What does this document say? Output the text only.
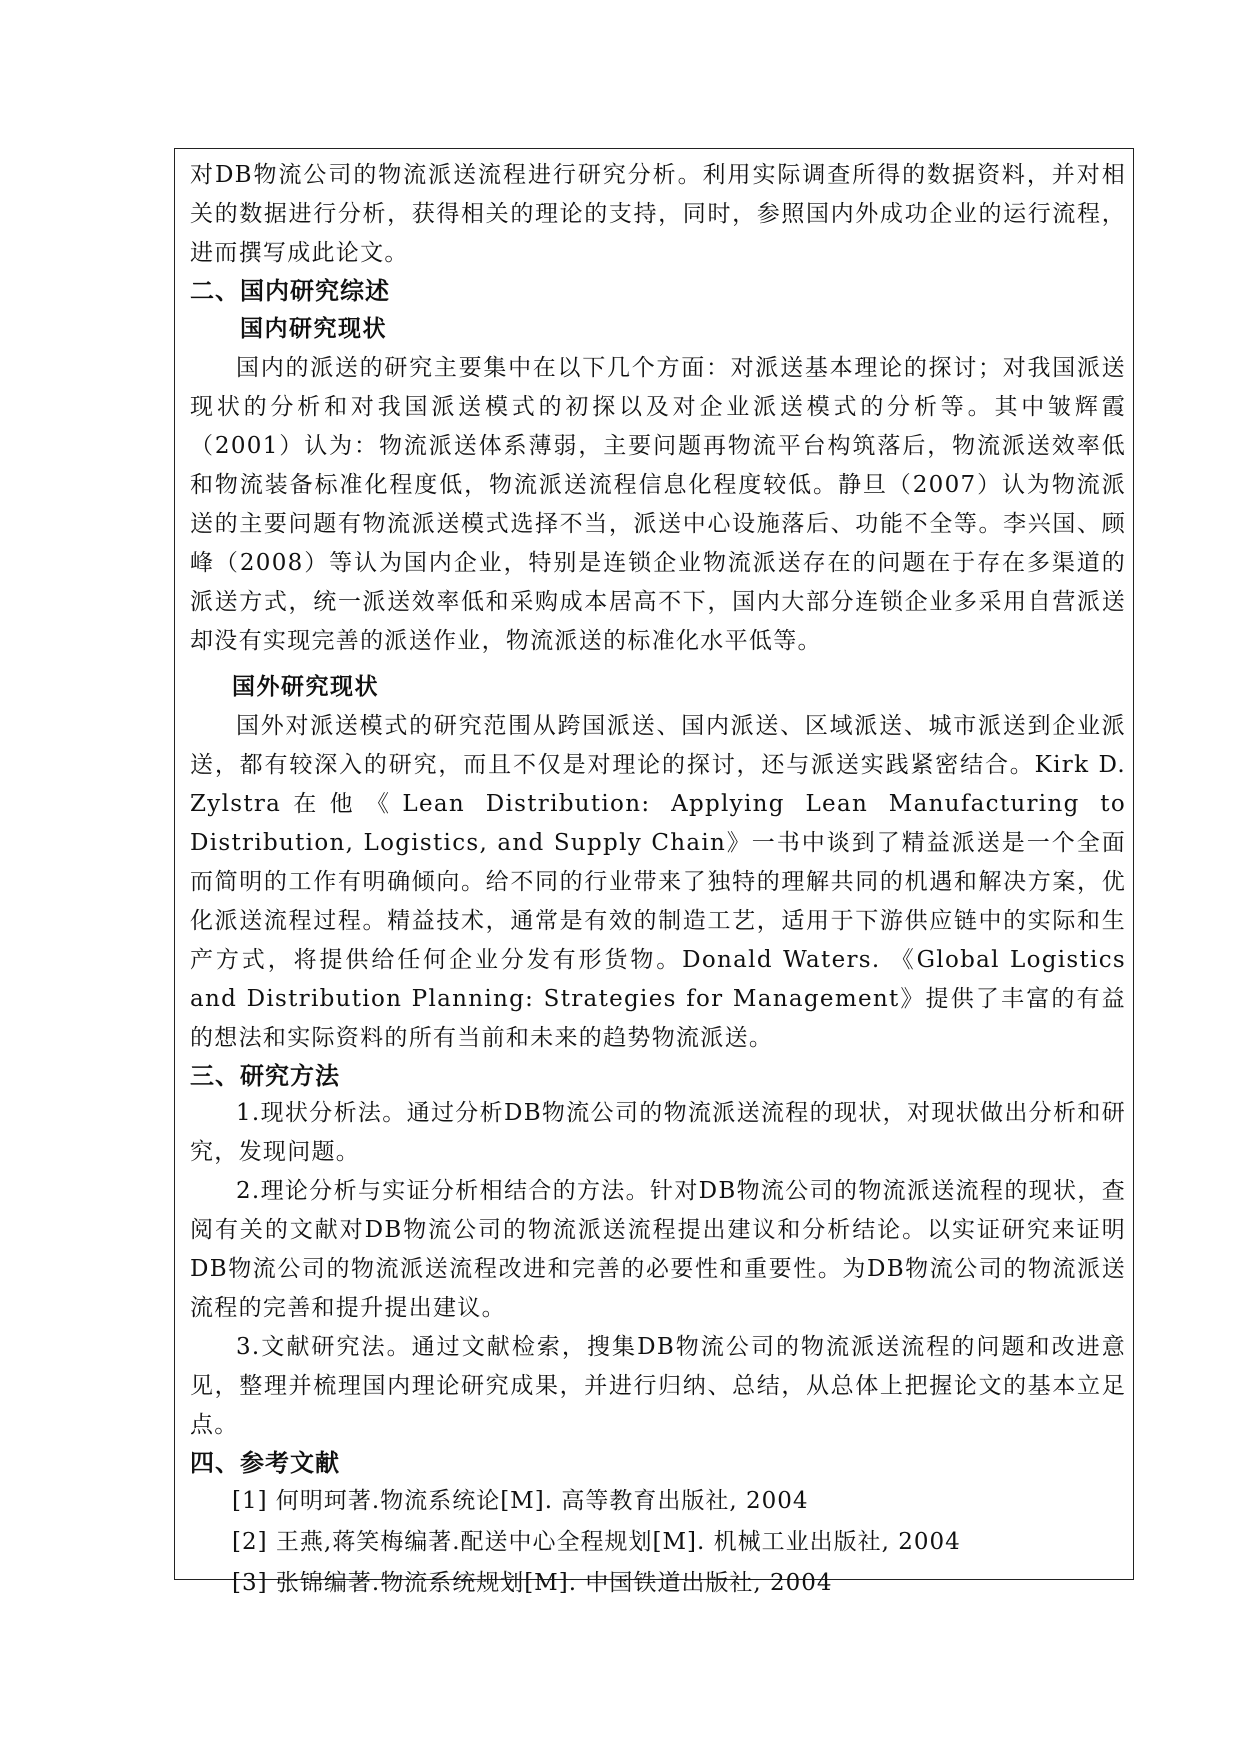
对DB物流公司的物流派送流程进行研究分析。利用实际调查所得的数据资料，并对相关的数据进行分析，获得相关的理论的支持，同时，参照国内外成功企业的运行流程，进而撰写成此论文。

二、国内研究综述
国内研究现状

国内的派送的研究主要集中在以下几个方面：对派送基本理论的探讨；对我国派送现状的分析和对我国派送模式的初探以及对企业派送模式的分析等。其中皱辉霞（2001）认为：物流派送体系薄弱，主要问题再物流平台构筑落后，物流派送效率低和物流装备标准化程度低，物流派送流程信息化程度较低。静旦（2007）认为物流派送的主要问题有物流派送模式选择不当，派送中心设施落后、功能不全等。李兴国、顾峰（2008）等认为国内企业，特别是连锁企业物流派送存在的问题在于存在多渠道的派送方式，统一派送效率低和采购成本居高不下，国内大部分连锁企业多采用自营派送却没有实现完善的派送作业，物流派送的标准化水平低等。

国外研究现状

国外对派送模式的研究范围从跨国派送、国内派送、区域派送、城市派送到企业派送，都有较深入的研究，而且不仅是对理论的探讨，还与派送实践紧密结合。Kirk D. Zylstra在他《Lean Distribution: Applying Lean Manufacturing to Distribution, Logistics, and Supply Chain》一书中谈到了精益派送是一个全面而简明的工作有明确倾向。给不同的行业带来了独特的理解共同的机遇和解决方案，优化派送流程过程。精益技术，通常是有效的制造工艺，适用于下游供应链中的实际和生产方式，将提供给任何企业分发有形货物。Donald Waters. 《Global Logistics and Distribution Planning: Strategies for Management》提供了丰富的有益的想法和实际资料的所有当前和未来的趋势物流派送。

三、研究方法

1.现状分析法。通过分析DB物流公司的物流派送流程的现状，对现状做出分析和研究，发现问题。

2.理论分析与实证分析相结合的方法。针对DB物流公司的物流派送流程的现状，查阅有关的文献对DB物流公司的物流派送流程提出建议和分析结论。以实证研究来证明DB物流公司的物流派送流程改进和完善的必要性和重要性。为DB物流公司的物流派送流程的完善和提升提出建议。

3.文献研究法。通过文献检索，搜集DB物流公司的物流派送流程的问题和改进意见，整理并梳理国内理论研究成果，并进行归纳、总结，从总体上把握论文的基本立足点。

四、参考文献

[1] 何明珂著.物流系统论[M]. 高等教育出版社, 2004

[2] 王燕,蒋笑梅编著.配送中心全程规划[M]. 机械工业出版社, 2004

[3] 张锦编著.物流系统规划[M]. 中国铁道出版社, 2004
